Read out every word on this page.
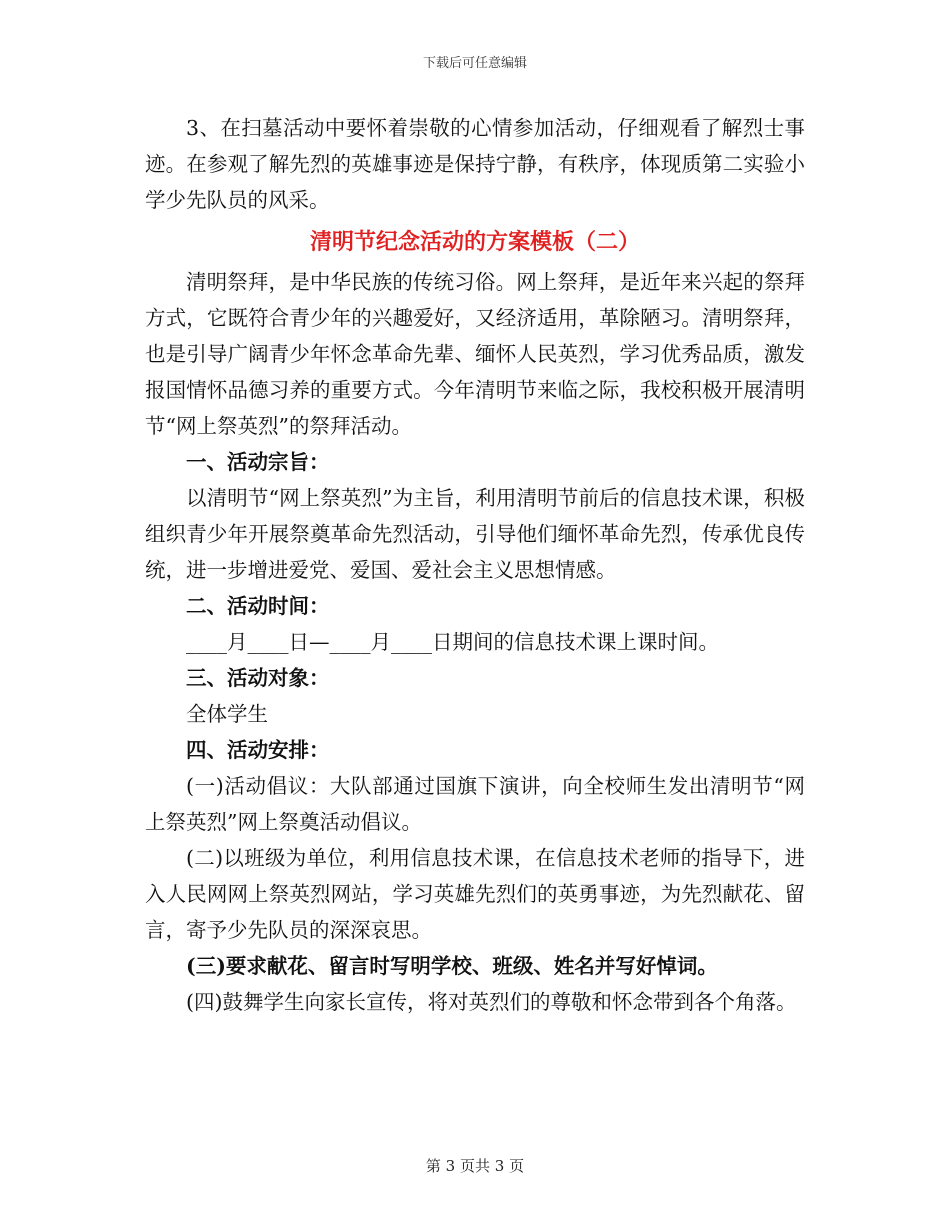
下载后可任意编辑

3、在扫墓活动中要怀着崇敬的心情参加活动，仔细观看了解烈士事迹。在参观了解先烈的英雄事迹是保持宁静，有秩序，体现质第二实验小学少先队员的风采。

清明节纪念活动的方案模板（二）

清明祭拜，是中华民族的传统习俗。网上祭拜，是近年来兴起的祭拜方式，它既符合青少年的兴趣爱好，又经济适用，革除陋习。清明祭拜，也是引导广阔青少年怀念革命先辈、缅怀人民英烈，学习优秀品质，激发报国情怀品德习养的重要方式。今年清明节来临之际，我校积极开展清明节“网上祭英烈”的祭拜活动。

一、活动宗旨：

以清明节“网上祭英烈”为主旨，利用清明节前后的信息技术课，积极组织青少年开展祭奠革命先烈活动，引导他们缅怀革命先烈，传承优良传统，进一步增进爱党、爱国、爱社会主义思想情感。

二、活动时间：

____月____日—____月____日期间的信息技术课上课时间。

三、活动对象：

全体学生

四、活动安排：

(一)活动倡议：大队部通过国旗下演讲，向全校师生发出清明节“网上祭英烈”网上祭奠活动倡议。

(二)以班级为单位，利用信息技术课，在信息技术老师的指导下，进入人民网网上祭英烈网站，学习英雄先烈们的英勇事迹，为先烈献花、留言，寄予少先队员的深深哀思。

(三)要求献花、留言时写明学校、班级、姓名并写好悼词。

(四)鼓舞学生向家长宣传，将对英烈们的尊敬和怀念带到各个角落。

第 3 页共 3 页
